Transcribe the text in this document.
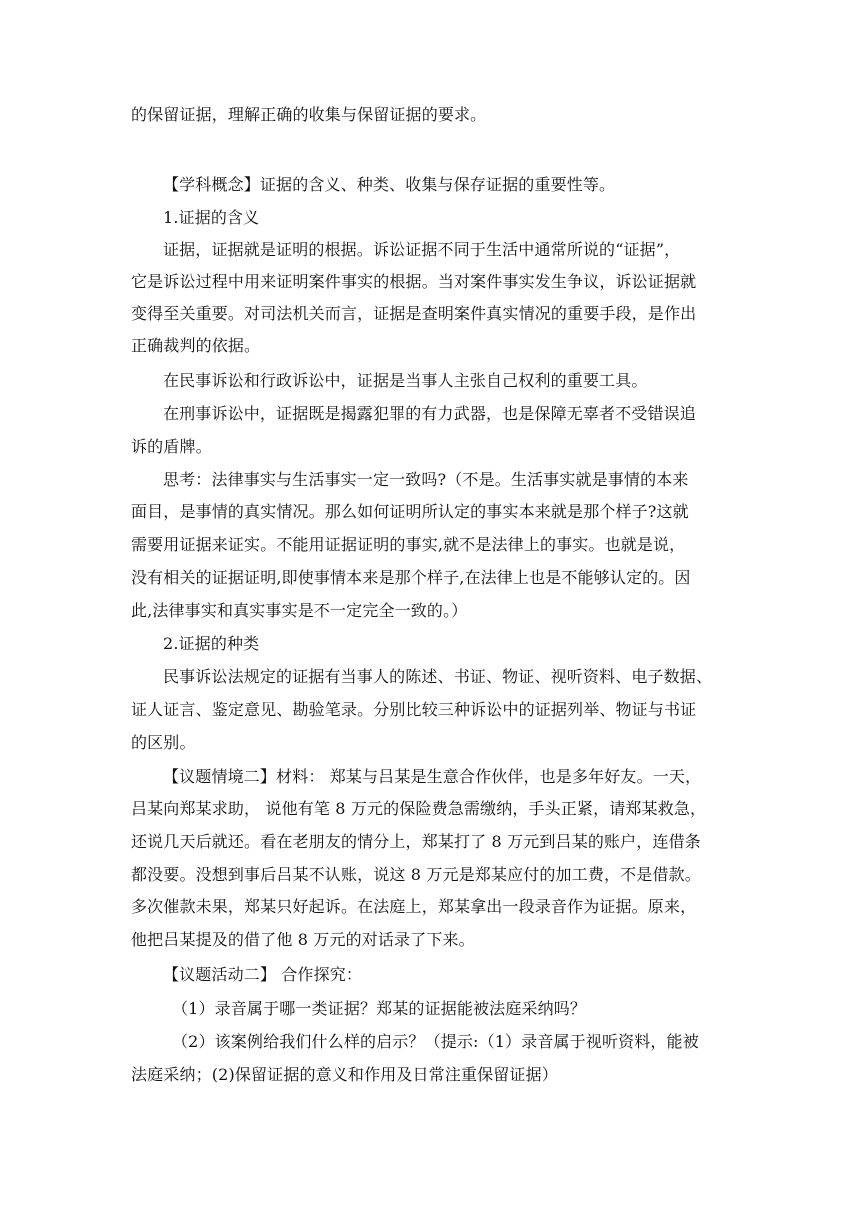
的保留证据，理解正确的收集与保留证据的要求。
【学科概念】证据的含义、种类、收集与保存证据的重要性等。
1.证据的含义
证据，证据就是证明的根据。诉讼证据不同于生活中通常所说的“证据”，
它是诉讼过程中用来证明案件事实的根据。当对案件事实发生争议，诉讼证据就
变得至关重要。对司法机关而言，证据是查明案件真实情况的重要手段，是作出
正确裁判的依据。
在民事诉讼和行政诉讼中，证据是当事人主张自己权利的重要工具。
在刑事诉讼中，证据既是揭露犯罪的有力武器，也是保障无辜者不受错误追
诉的盾牌。
思考：法律事实与生活事实一定一致吗?（不是。生活事实就是事情的本来
面目，是事情的真实情况。那么如何证明所认定的事实本来就是那个样子?这就
需要用证据来证实。不能用证据证明的事实,就不是法律上的事实。也就是说，
没有相关的证据证明,即使事情本来是那个样子,在法律上也是不能够认定的。因
此,法律事实和真实事实是不一定完全一致的。）
2.证据的种类
民事诉讼法规定的证据有当事人的陈述、书证、物证、视听资料、电子数据、
证人证言、鉴定意见、勘验笔录。分别比较三种诉讼中的证据列举、物证与书证
的区别。
【议题情境二】材料： 郑某与吕某是生意合作伙伴，也是多年好友。一天，
吕某向郑某求助， 说他有笔 8 万元的保险费急需缴纳，手头正紧，请郑某救急，
还说几天后就还。看在老朋友的情分上，郑某打了 8 万元到吕某的账户，连借条
都没要。没想到事后吕某不认账，说这 8 万元是郑某应付的加工费，不是借款。
多次催款未果，郑某只好起诉。在法庭上，郑某拿出一段录音作为证据。原来，
他把吕某提及的借了他 8 万元的对话录了下来。
【议题活动二】 合作探究：
（1）录音属于哪一类证据？郑某的证据能被法庭采纳吗？
（2）该案例给我们什么样的启示？（提示:（1）录音属于视听资料，能被
法庭采纳；(2)保留证据的意义和作用及日常注重保留证据）
